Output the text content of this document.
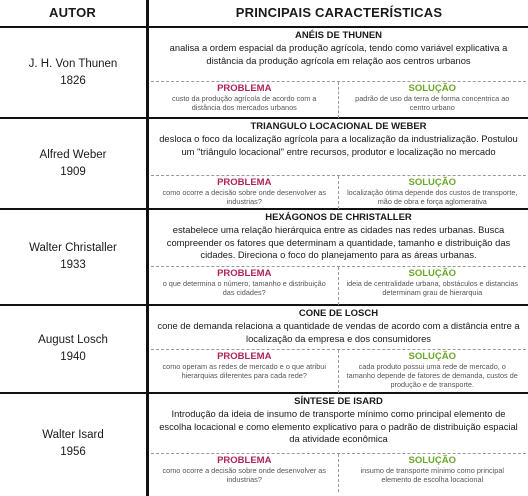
AUTOR	PRINCIPAIS CARACTERÍSTICAS
J. H. Von Thunen
1826
ANÉIS DE THUNEN
analisa a ordem espacial da produção agrícola, tendo como variável explicativa a distância da produção agrícola em relação aos centros urbanos
PROBLEMA
custo da produção agrícola de acordo com a distância dos mercados urbanos
SOLUÇÃO
padrão de uso da terra de forma concentrica ao centro urbano
Alfred Weber
1909
TRIANGULO LOCACIONAL DE WEBER
desloca o foco da localização agrícola para a localização da industrialização. Postulou um "triângulo locacional" entre recursos, produtor e localização no mercado
PROBLEMA
como ocorre a decisão sobre onde desenvolver as industrias?
SOLUÇÃO
localização ótima depende dos custos de transporte, mão de obra e força aglomerativa
Walter Christaller
1933
HEXÁGONOS DE CHRISTALLER
estabelece uma relação hierárquica entre as cidades nas redes urbanas. Busca compreender os fatores que determinam a quantidade, tamanho e distribuição das cidades. Direciona o foco do planejamento para as áreas urbanas.
PROBLEMA
o que determina o número, tamanho e distribuição das cidades?
SOLUÇÃO
ideia de centralidade urbana, obstáculos e distancias determinam grau de hierarquia
August Losch
1940
CONE DE LOSCH
cone de demanda relaciona a quantidade de vendas de acordo com a distância entre a localização da empresa e dos consumidores
PROBLEMA
como operam as redes de mercado e o que atribui hierarquias diferentes para cada rede?
SOLUÇÃO
cada produto possui uma rede de mercado, o tamanho depende de fatores de demanda, custos de produção e de transporte.
Walter Isard
1956
SÍNTESE DE ISARD
Introdução da ideia de insumo de transporte mínimo como principal elemento de escolha locacional e como elemento explicativo para o padrão de distribuição espacial da atividade econômica
PROBLEMA
como ocorre a decisão sobre onde desenvolver as industrias?
SOLUÇÃO
insumo de transporte mínimo como principal elemento de escolha locacional
